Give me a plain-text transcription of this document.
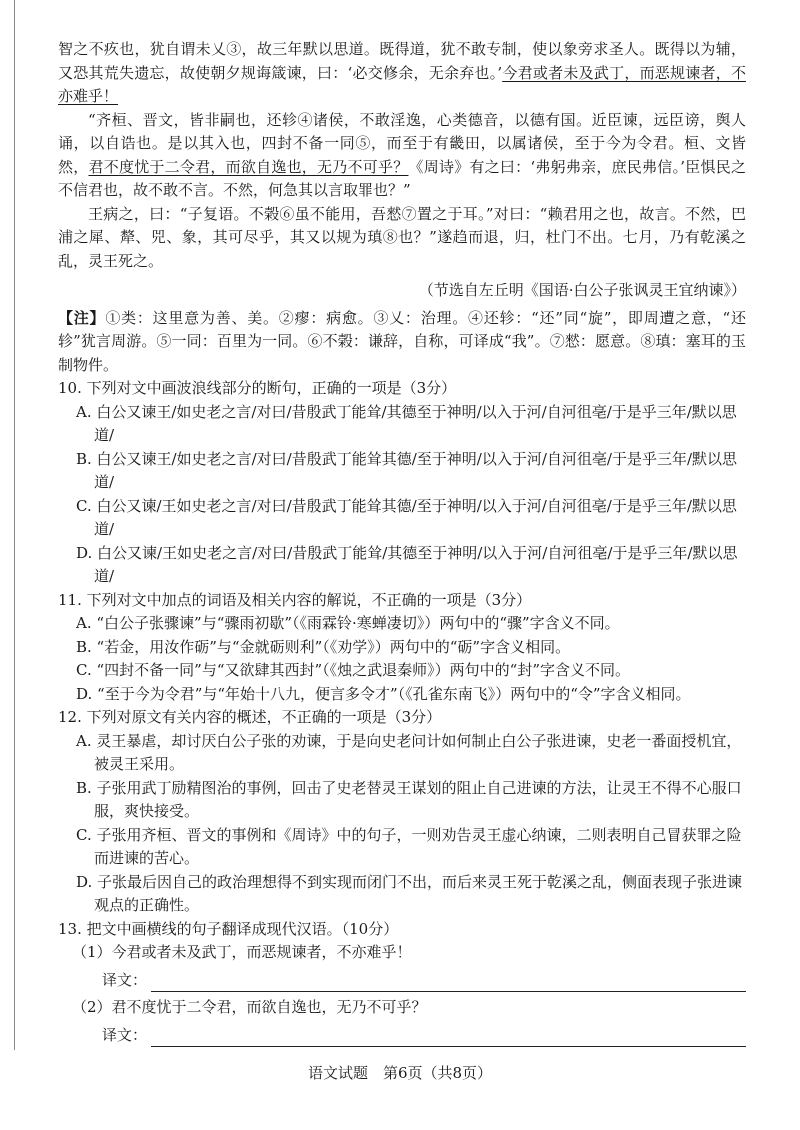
智之不疚也，犹自谓未乂③，故三年默以思道。既得道，犹不敢专制，使以象旁求圣人。既得以为辅，又恐其荒失遗忘，故使朝夕规诲箴谏，曰：‘必交修余，无余弃也。’今君或者未及武丁，而恶规谏者，不亦难乎！

“齐桓、晋文，皆非嗣也，还轸④诸侯，不敢淫逸，心类德音，以德有国。近臣谏，远臣谤，舆人诵，以自诰也。是以其入也，四封不备一同⑤，而至于有畿田，以属诸侯，至于今为令君。桓、文皆然，君不度忧于二令君，而欲自逸也，无乃不可乎？《周诗》有之曰：‘弗躬弗亲，庶民弗信。’臣惧民之不信君也，故不敢不言。不然，何急其以言取罪也？”

王病之，曰：“子复语。不榖⑥虽不能用，吾憖⑦置之于耳。”对曰：“赖君用之也，故言。不然，巴浦之犀、犛、兕、象，其可尽乎，其又以规为瑱⑧也？”遂趋而退，归，杜门不出。七月，乃有乾溪之乱，灵王死之。

（节选自左丘明《国语·白公子张讽灵王宜纳谏》）

【注】①类：这里意为善、美。②瘳：病愈。③乂：治理。④还轸：“还”同“旋”，即周遭之意，“还轸”犹言周游。⑤一同：百里为一同。⑥不榖：谦辞，自称，可译成“我”。⑦憖：愿意。⑧瑱：塞耳的玉制物件。

10. 下列对文中画波浪线部分的断句，正确的一项是（3分）

A. 白公又谏王/如史老之言/对曰/昔殷武丁能耸/其德至于神明/以入于河/自河徂亳/于是乎三年/默以思道/

B. 白公又谏王/如史老之言/对曰/昔殷武丁能耸其德/至于神明/以入于河/自河徂亳/于是乎三年/默以思道/

C. 白公又谏/王如史老之言/对曰/昔殷武丁能耸其德/至于神明/以入于河/自河徂亳/于是乎三年/默以思道/

D. 白公又谏/王如史老之言/对曰/昔殷武丁能耸/其德至于神明/以入于河/自河徂亳/于是乎三年/默以思道/

11. 下列对文中加点的词语及相关内容的解说，不正确的一项是（3分）

A. “白公子张骤谏”与“骤雨初歇”（《雨霖铃·寒蝉凄切》）两句中的“骤”字含义不同。

B. “若金，用汝作砺”与“金就砺则利”（《劝学》）两句中的“砺”字含义相同。

C. “四封不备一同”与“又欲肆其西封”（《烛之武退秦师》）两句中的“封”字含义不同。

D. “至于今为令君”与“年始十八九，便言多令才”（《孔雀东南飞》）两句中的“令”字含义相同。

12. 下列对原文有关内容的概述，不正确的一项是（3分）

A. 灵王暴虐，却讨厌白公子张的劝谏，于是向史老问计如何制止白公子张进谏，史老一番面授机宜，被灵王采用。

B. 子张用武丁励精图治的事例，回击了史老替灵王谋划的阻止自己进谏的方法，让灵王不得不心服口服，爽快接受。

C. 子张用齐桓、晋文的事例和《周诗》中的句子，一则劝告灵王虚心纳谏，二则表明自己冒获罪之险而进谏的苦心。

D. 子张最后因自己的政治理想得不到实现而闭门不出，而后来灵王死于乾溪之乱，侧面表现子张进谏观点的正确性。

13. 把文中画横线的句子翻译成现代汉语。（10分）

（1）今君或者未及武丁，而恶规谏者，不亦难乎！

译文：

（2）君不度忧于二令君，而欲自逸也，无乃不可乎？

译文：
语文试题　第6页（共8页）
